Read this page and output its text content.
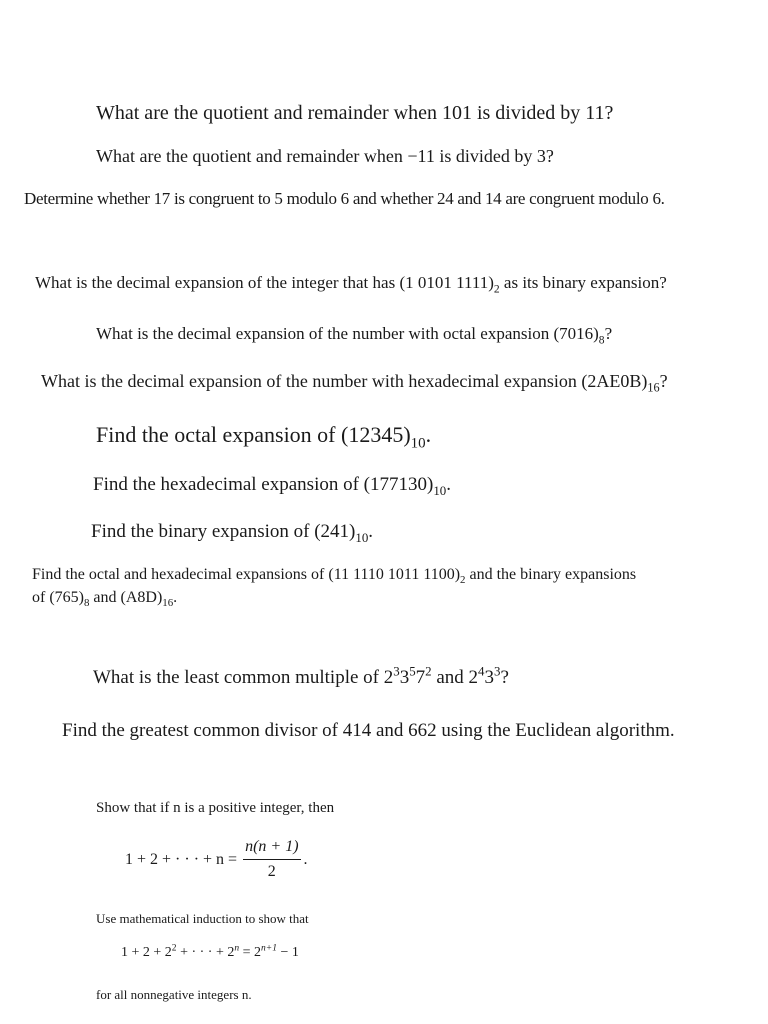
What are the quotient and remainder when 101 is divided by 11?
What are the quotient and remainder when −11 is divided by 3?
Determine whether 17 is congruent to 5 modulo 6 and whether 24 and 14 are congruent modulo 6.
What is the decimal expansion of the integer that has (1 0101 $1111)_2$ as its binary expansion?
What is the decimal expansion of the number with octal expansion $(7016)_8$?
What is the decimal expansion of the number with hexadecimal expansion $(2AE0B)_{16}$?
Find the octal expansion of $(12345)_{10}$.
Find the hexadecimal expansion of $(177130)_{10}$.
Find the binary expansion of $(241)_{10}$.
Find the octal and hexadecimal expansions of (11 1110 1011 $1100)_2$ and the binary expansions
of $(765)_8$ and $(A8D)_{16}$.
What is the least common multiple of $2^33^57^2$ and $2^43^3$?
Find the greatest common divisor of 414 and 662 using the Euclidean algorithm.
Show that if n is a positive integer, then
1 + 2 + · · · + $n = \frac{n(n + 1)}{2}$ .
Use mathematical induction to show that
$1 + 2 + 2^2$ + · · · + $2^n = 2^{n+1} - 1$
for all nonnegative integers n.
